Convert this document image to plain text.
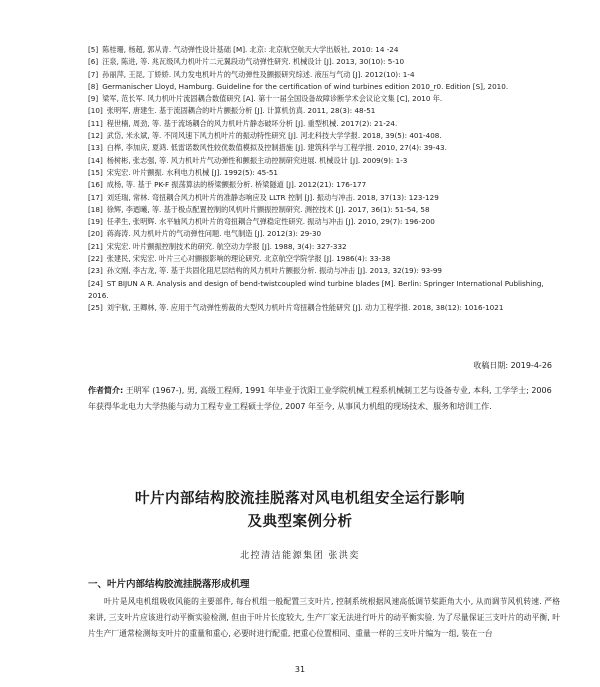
[5] 陈桂珊, 杨超, 郭从青. 气动弹性设计基础 [M]. 北京: 北京航空航天大学出版社, 2010: 14 -24
[6] 汪泉, 陈进, 等. 兆瓦级风力机叶片二元翼段动气动弹性研究. 机械设计 [J]. 2013, 30(10): 5-10
[7] 孙丽萍, 王昆, 丁娇娇. 风力发电机叶片的气动弹性及颤振研究综述. 液压与气动 [J]. 2012(10): 1-4
[8] Germanischer Lloyd, Hamburg. Guideline for the certification of wind turbines edition 2010_r0. Edition [S], 2010.
[9] 梁军, 范长军. 风力机叶片流固耦合数值研究 [A]. 第十一届全国设备故障诊断学术会议论文集 [C], 2010 年.
[10] 张明军, 唐建生. 基于流固耦合的叶片颤振分析 [J]. 计算机仿真. 2011, 28(3): 48-51
[11] 程世楠, 周劲, 等. 基于流场耦合的风力机叶片静态破坏分析 [J]. 重型机械. 2017(2): 21-24.
[12] 武岱, 米永斌, 等. 不同风速下风力机叶片的振动特性研究 [J]. 河北科技大学学报. 2018, 39(5): 401-408.
[13] 白桦, 李加庆, 夏鸿. 低雷诺数风性较优数值模拟及控制措施 [J]. 建筑科学与工程学报. 2010, 27(4): 39-43.
[14] 杨树彬, 张志强, 等. 风力机叶片气动弹性和颤振主动控制研究进展. 机械设计 [J]. 2009(9): 1-3
[15] 宋宪宏. 叶片颤振. 水利电力机械 [J]. 1992(5): 45-51
[16] 成杨, 等. 基于 PK-F 振荡算法的桥梁颤振分析. 桥梁隧道 [J]. 2012(21): 176-177
[17] 刘廷瑞, 常林. 弯扭耦合风力机叶片的准静态响应及 LLTR 控制 [J]. 振动与冲击. 2018, 37(13): 123-129
[18] 徐辉, 李迺曦, 等. 基于极点配置控制的风机叶片颤振控制研究. 测控技术 [J]. 2017, 36(1): 51-54, 58
[19] 任孝生, 张明辉. 水平轴风力机叶片的弯扭耦合气弹稳定性研究. 振动与冲击 [J]. 2010, 29(7): 196-200
[20] 蒋海涛. 风力机叶片的气动弹性问题. 电气制造 [J]. 2012(3): 29-30
[21] 宋宪宏. 叶片颤振控制技术的研究. 航空动力学报 [J]. 1988, 3(4): 327-332
[22] 张建民, 宋宪宏. 叶片三心对颤振影响的理论研究. 北京航空学院学报 [J]. 1986(4): 33-38
[23] 孙文刚, 李古龙, 等. 基于共固化阻尼层结构的风力机叶片颤振分析. 振动与冲击 [J]. 2013, 32(19): 93-99
[24] ST BIJUN A R. Analysis and design of bend-twistcoupled wind turbine blades [M]. Berlin: Springer International Publishing, 2016.
[25] 刘宇航, 王卿林, 等. 应用于气动弹性剪裁的大型风力机叶片弯扭耦合性能研究 [J]. 动力工程学报. 2018, 38(12): 1016-1021
收稿日期: 2019-4-26
作者简介: 王明军 (1967-), 男, 高级工程师, 1991 年毕业于沈阳工业学院机械工程系机械制工艺与设备专业, 本科, 工学学士; 2006 年获得华北电力大学热能与动力工程专业工程硕士学位, 2007 年至今, 从事风力机组的现场技术、服务和培训工作.
叶片内部结构胶流挂脱落对风电机组安全运行影响
及典型案例分析
北控清洁能源集团 张洪奕
一、叶片内部结构胶流挂脱落形成机理
叶片是风电机组吸收风能的主要部件, 每台机组一般配置三支叶片, 控制系统根据风速高低调节桨距角大小, 从而调节风机转速. 严格来讲, 三支叶片应该进行动平衡实验检测, 但由于叶片长度较大, 生产厂家无法进行叶片的动平衡实验. 为了尽量保证三支叶片的动平衡, 叶片生产厂通常检测每支叶片的重量和重心, 必要时进行配重, 把重心位置相同、重量一样的三支叶片编为一组, 装在一台
31
